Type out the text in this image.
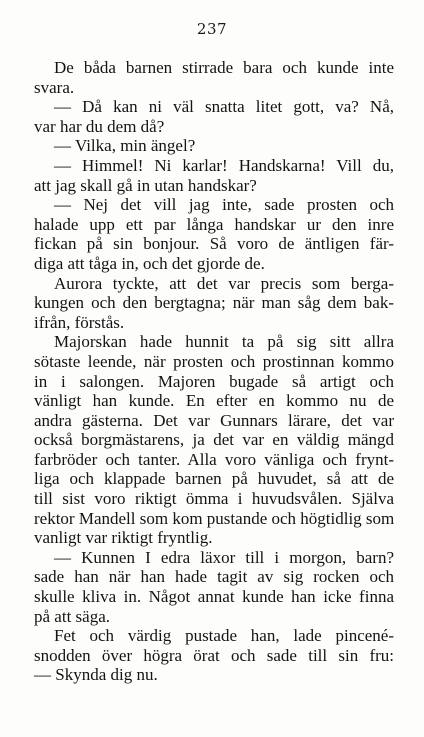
237
De båda barnen stirrade bara och kunde inte
svara.
— Då kan ni väl snatta litet gott, va? Nå,
var har du dem då?
— Vilka, min ängel?
— Himmel! Ni karlar! Handskarna! Vill du,
att jag skall gå in utan handskar?
— Nej det vill jag inte, sade prosten och
halade upp ett par långa handskar ur den inre
fickan på sin bonjour. Så voro de äntligen fär-
diga att tåga in, och det gjorde de.
Aurora tyckte, att det var precis som berga-
kungen och den bergtagna; när man såg dem bak-
ifrån, förstås.
Majorskan hade hunnit ta på sig sitt allra
sötaste leende, när prosten och prostinnan kommo
in i salongen. Majoren bugade så artigt och
vänligt han kunde. En efter en kommo nu de
andra gästerna. Det var Gunnars lärare, det var
också borgmästarens, ja det var en väldig mängd
farbröder och tanter. Alla voro vänliga och frynt-
liga och klappade barnen på huvudet, så att de
till sist voro riktigt ömma i huvudsvålen. Själva
rektor Mandell som kom pustande och högtidlig som
vanligt var riktigt fryntlig.
— Kunnen I edra läxor till i morgon, barn?
sade han när han hade tagit av sig rocken och
skulle kliva in. Något annat kunde han icke finna
på att säga.
Fet och värdig pustade han, lade pincené-
snodden över högra örat och sade till sin fru:
— Skynda dig nu.
